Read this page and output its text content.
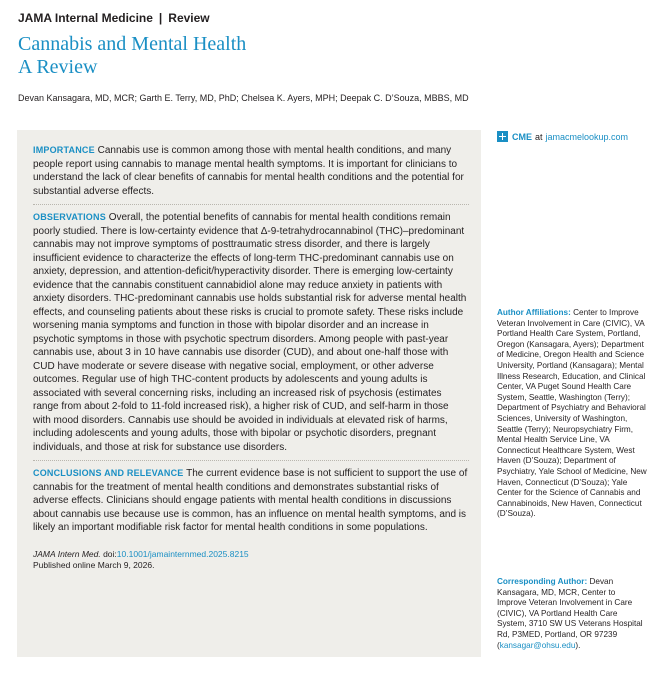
JAMA Internal Medicine | Review
Cannabis and Mental Health
A Review
Devan Kansagara, MD, MCR; Garth E. Terry, MD, PhD; Chelsea K. Ayers, MPH; Deepak C. D’Souza, MBBS, MD

IMPORTANCE Cannabis use is common among those with mental health conditions, and many people report using cannabis to manage mental health symptoms. It is important for clinicians to understand the lack of clear benefits of cannabis for mental health conditions and the potential for substantial adverse effects.

OBSERVATIONS Overall, the potential benefits of cannabis for mental health conditions remain poorly studied. There is low-certainty evidence that Δ-9-tetrahydrocannabinol (THC)–predominant cannabis may not improve symptoms of posttraumatic stress disorder, and there is largely insufficient evidence to characterize the effects of long-term THC-predominant cannabis use on anxiety, depression, and attention-deficit/hyperactivity disorder. There is emerging low-certainty evidence that the cannabis constituent cannabidiol alone may reduce anxiety in patients with anxiety disorders. THC-predominant cannabis use holds substantial risk for adverse mental health effects, and counseling patients about these risks is crucial to promote safety. These risks include worsening mania symptoms and function in those with bipolar disorder and an increase in psychotic symptoms in those with psychotic spectrum disorders. Among people with past-year cannabis use, about 3 in 10 have cannabis use disorder (CUD), and about one-half those with CUD have moderate or severe disease with negative social, employment, or other adverse outcomes. Regular use of high THC-content products by adolescents and young adults is associated with several concerning risks, including an increased risk of psychosis (estimates range from about 2-fold to 11-fold increased risk), a higher risk of CUD, and self-harm in those with mood disorders. Cannabis use should be avoided in individuals at elevated risk of harms, including adolescents and young adults, those with bipolar or psychotic disorders, pregnant individuals, and those at risk for substance use disorders.

CONCLUSIONS AND RELEVANCE The current evidence base is not sufficient to support the use of cannabis for the treatment of mental health conditions and demonstrates substantial risks of adverse effects. Clinicians should engage patients with mental health conditions in discussions about cannabis use because use is common, has an influence on mental health symptoms, and is likely an important modifiable risk factor for mental health conditions in some populations.

JAMA Intern Med. doi:10.1001/jamainternmed.2025.8215
Published online March 9, 2026.
CME at jamacmelookup.com
Author Affiliations: Center to Improve Veteran Involvement in Care (CIVIC), VA Portland Health Care System, Portland, Oregon (Kansagara, Ayers); Department of Medicine, Oregon Health and Science University, Portland (Kansagara); Mental Illness Research, Education, and Clinical Center, VA Puget Sound Health Care System, Seattle, Washington (Terry); Department of Psychiatry and Behavioral Sciences, University of Washington, Seattle (Terry); Neuropsychiatry Firm, Mental Health Service Line, VA Connecticut Healthcare System, West Haven (D’Souza); Department of Psychiatry, Yale School of Medicine, New Haven, Connecticut (D’Souza); Yale Center for the Science of Cannabis and Cannabinoids, New Haven, Connecticut (D’Souza).
Corresponding Author: Devan Kansagara, MD, MCR, Center to Improve Veteran Involvement in Care (CIVIC), VA Portland Health Care System, 3710 SW US Veterans Hospital Rd, P3MED, Portland, OR 97239 (kansagar@ohsu.edu).
